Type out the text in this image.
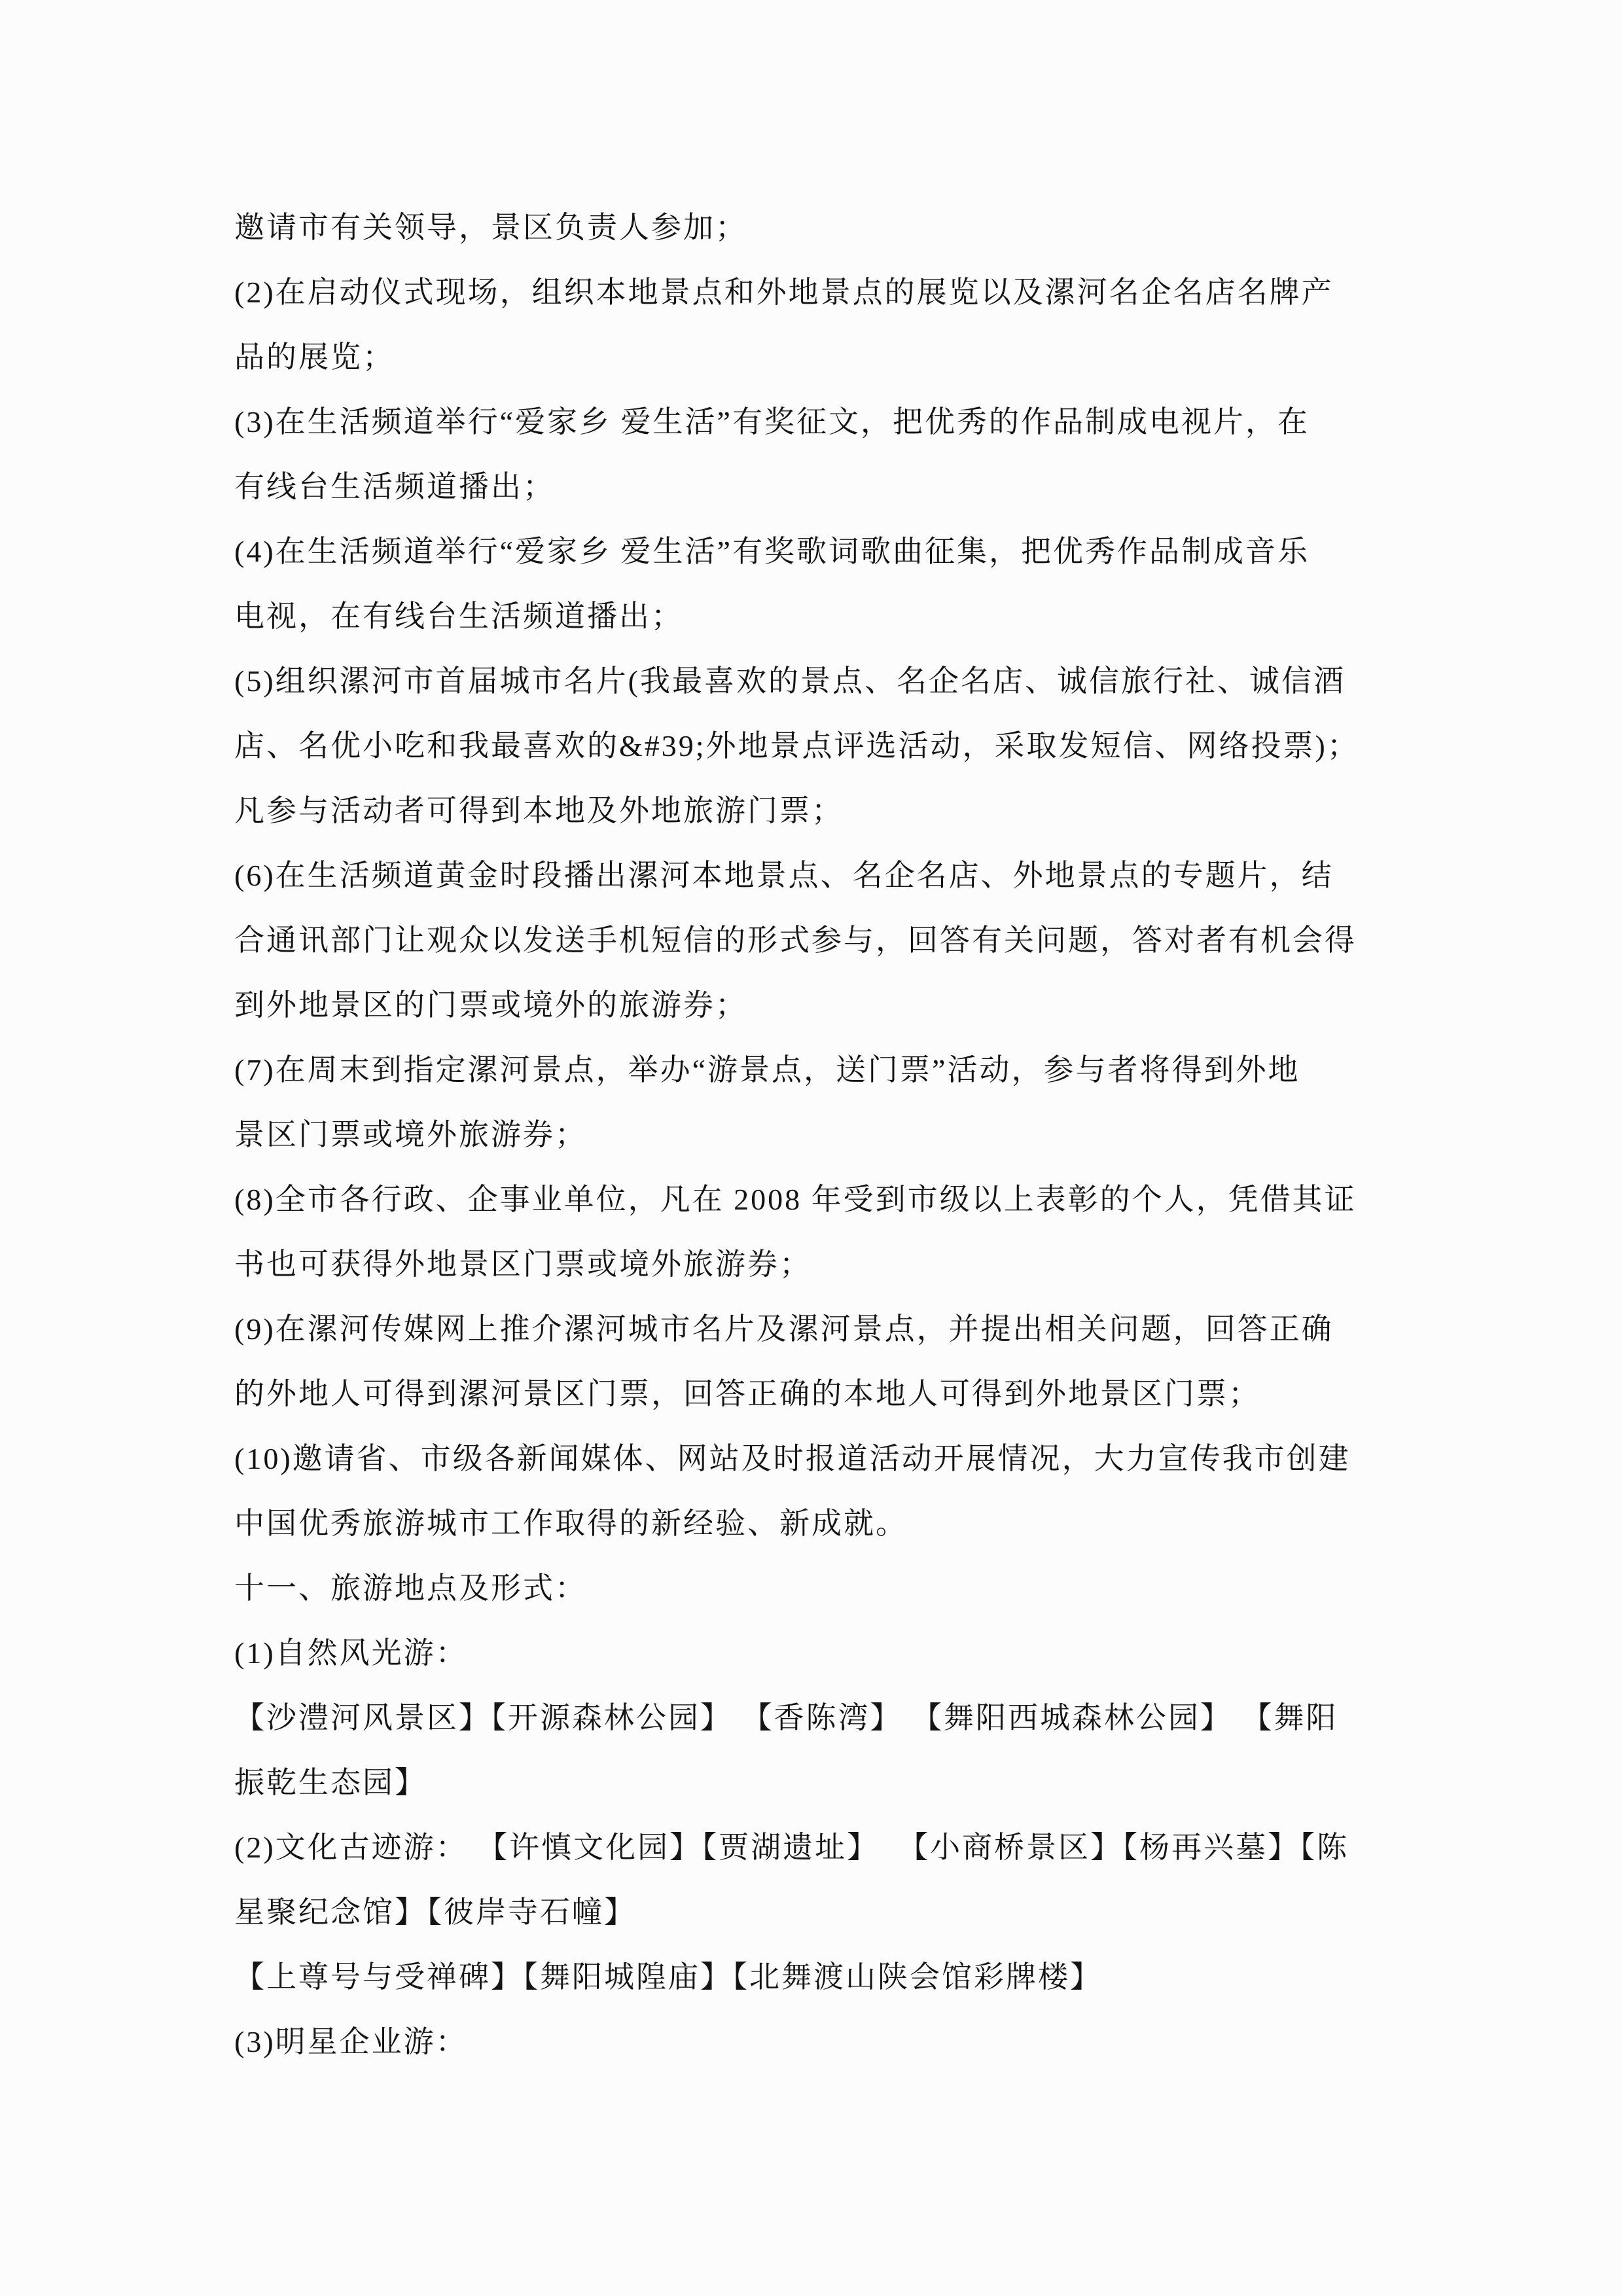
邀请市有关领导，景区负责人参加；

(2)在启动仪式现场，组织本地景点和外地景点的展览以及漯河名企名店名牌产

品的展览；

(3)在生活频道举行“爱家乡 爱生活”有奖征文，把优秀的作品制成电视片，在

有线台生活频道播出；

(4)在生活频道举行“爱家乡 爱生活”有奖歌词歌曲征集，把优秀作品制成音乐

电视，在有线台生活频道播出；

(5)组织漯河市首届城市名片(我最喜欢的景点、名企名店、诚信旅行社、诚信酒

店、名优小吃和我最喜欢的&#39;外地景点评选活动，采取发短信、网络投票)；

凡参与活动者可得到本地及外地旅游门票；

(6)在生活频道黄金时段播出漯河本地景点、名企名店、外地景点的专题片，结

合通讯部门让观众以发送手机短信的形式参与，回答有关问题，答对者有机会得

到外地景区的门票或境外的旅游券；

(7)在周末到指定漯河景点，举办“游景点，送门票”活动，参与者将得到外地

景区门票或境外旅游券；

(8)全市各行政、企事业单位，凡在 2008 年受到市级以上表彰的个人，凭借其证

书也可获得外地景区门票或境外旅游券；

(9)在漯河传媒网上推介漯河城市名片及漯河景点，并提出相关问题，回答正确

的外地人可得到漯河景区门票，回答正确的本地人可得到外地景区门票；

(10)邀请省、市级各新闻媒体、网站及时报道活动开展情况，大力宣传我市创建

中国优秀旅游城市工作取得的新经验、新成就。

十一、旅游地点及形式：

(1)自然风光游：

【沙澧河风景区】【开源森林公园】 【香陈湾】 【舞阳西城森林公园】 【舞阳

振乾生态园】

(2)文化古迹游： 【许慎文化园】【贾湖遗址】  【小商桥景区】【杨再兴墓】【陈

星聚纪念馆】【彼岸寺石幢】

【上尊号与受禅碑】【舞阳城隍庙】【北舞渡山陕会馆彩牌楼】

(3)明星企业游：
